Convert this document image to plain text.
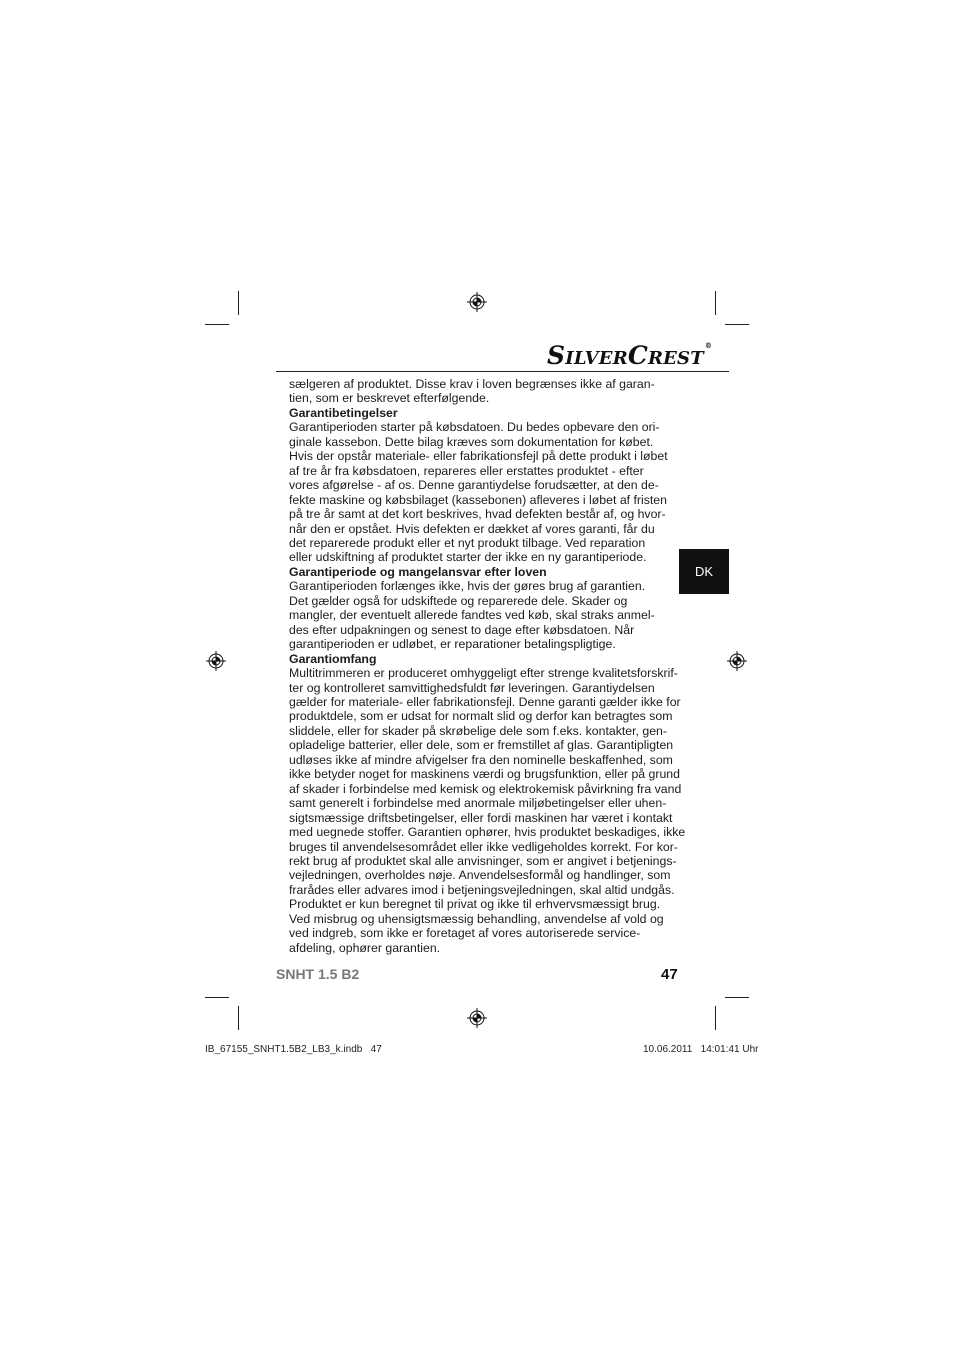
SILVERCREST®

sælgeren af produktet. Disse krav i loven begrænses ikke af garan-

tien, som er beskrevet efterfølgende.

Garantibetingelser

Garantiperioden starter på købsdatoen. Du bedes opbevare den ori-

ginale kassebon. Dette bilag kræves som dokumentation for købet.

Hvis der opstår materiale- eller fabrikationsfejl på dette produkt i løbet

af tre år fra købsdatoen, repareres eller erstattes produktet - efter

vores afgørelse - af os. Denne garantiydelse forudsætter, at den de-

fekte maskine og købsbilaget (kassebonen) afleveres i løbet af fristen

på tre år samt at det kort beskrives, hvad defekten består af, og hvor-

når den er opstået. Hvis defekten er dækket af vores garanti, får du

det reparerede produkt eller et nyt produkt tilbage. Ved reparation

eller udskiftning af produktet starter der ikke en ny garantiperiode.

Garantiperiode og mangelansvar efter loven

Garantiperioden forlænges ikke, hvis der gøres brug af garantien.

Det gælder også for udskiftede og reparerede dele. Skader og

mangler, der eventuelt allerede fandtes ved køb, skal straks anmel-

des efter udpakningen og senest to dage efter købsdatoen. Når

garantiperioden er udløbet, er reparationer betalingspligtige.

Garantiomfang

Multitrimmeren er produceret omhyggeligt efter strenge kvalitetsforskrif-

ter og kontrolleret samvittighedsfuldt før leveringen. Garantiydelsen

gælder for materiale- eller fabrikationsfejl. Denne garanti gælder ikke for

produktdele, som er udsat for normalt slid og derfor kan betragtes som

sliddele, eller for skader på skrøbelige dele som f.eks. kontakter, gen-

opladelige batterier, eller dele, som er fremstillet af glas. Garantipligten

udløses ikke af mindre afvigelser fra den nominelle beskaffenhed, som

ikke betyder noget for maskinens værdi og brugsfunktion, eller på grund

af skader i forbindelse med kemisk og elektrokemisk påvirkning fra vand

samt generelt i forbindelse med anormale miljøbetingelser eller uhen-

sigtsmæssige driftsbetingelser, eller fordi maskinen har været i kontakt

med uegnede stoffer. Garantien ophører, hvis produktet beskadiges, ikke

bruges til anvendelsesområdet eller ikke vedligeholdes korrekt. For kor-

rekt brug af produktet skal alle anvisninger, som er angivet i betjenings-

vejledningen, overholdes nøje. Anvendelsesformål og handlinger, som

frarådes eller advares imod i betjeningsvejledningen, skal altid undgås.

Produktet er kun beregnet til privat og ikke til erhvervsmæssigt brug.

Ved misbrug og uhensigtsmæssig behandling, anvendelse af vold og

ved indgreb, som ikke er foretaget af vores autoriserede service-

afdeling, ophører garantien.

DK
SNHT 1.5 B2	47
IB_67155_SNHT1.5B2_LB3_k.indb   47	10.06.2011   14:01:41 Uhr
